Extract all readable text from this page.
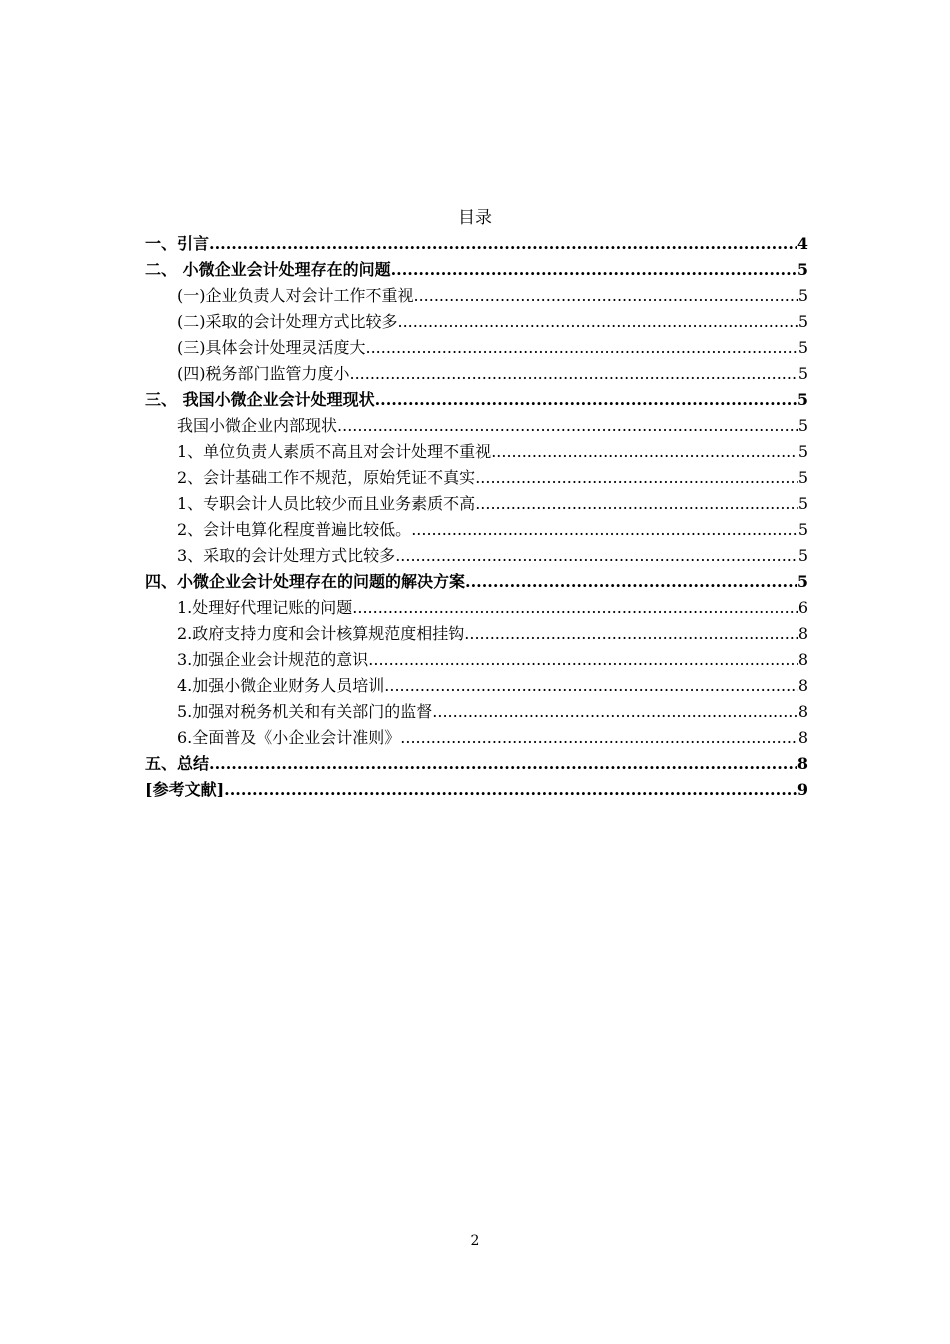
目录
一、引言 .....	4
二、 小微企业会计处理存在的问题 .....	5
(一)企业负责人对会计工作不重视 .....	5
(二)采取的会计处理方式比较多 .....	5
(三)具体会计处理灵活度大 .....	5
(四)税务部门监管力度小 .....	5
三、 我国小微企业会计处理现状 .....	5
我国小微企业内部现状 .....	5
1、单位负责人素质不高且对会计处理不重视 .....	5
2、会计基础工作不规范，原始凭证不真实 .....	5
1、专职会计人员比较少而且业务素质不高 .....	5
2、会计电算化程度普遍比较低。 .....	5
3、采取的会计处理方式比较多 .....	5
四、小微企业会计处理存在的问题的解决方案 .....	5
1.处理好代理记账的问题 .....	6
2.政府支持力度和会计核算规范度相挂钩 .....	8
3.加强企业会计规范的意识 .....	8
4.加强小微企业财务人员培训 .....	8
5.加强对税务机关和有关部门的监督 .....	8
6.全面普及《小企业会计准则》 .....	8
五、总结 .....	8
[参考文献] .....	9
2
